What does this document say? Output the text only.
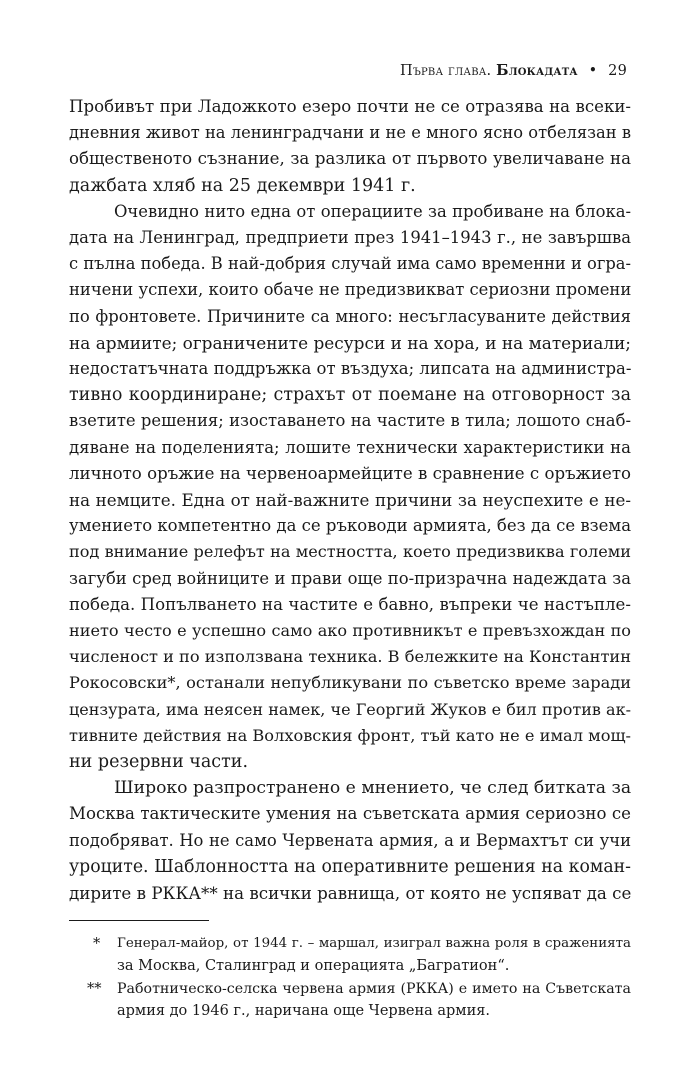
Първа глава. Блокадата • 29

Пробивът при Ладожкото езеро почти не се отразява на всеки-
дневния живот на ленинградчани и не е много ясно отбелязан в
общественото съзнание, за разлика от първото увеличаване на
дажбата хляб на 25 декември 1941 г.

Очевидно нито една от операциите за пробиване на блока-
дата на Ленинград, предприети през 1941–1943 г., не завършва
с пълна победа. В най-добрия случай има само временни и огра-
ничени успехи, които обаче не предизвикват сериозни промени
по фронтовете. Причините са много: несъгласуваните действия
на армиите; ограничените ресурси и на хора, и на материали;
недостатъчната поддръжка от въздуха; липсата на администра-
тивно координиране; страхът от поемане на отговорност за
взетите решения; изоставането на частите в тила; лошото снаб-
дяване на поделенията; лошите технически характеристики на
личното оръжие на червеноармейците в сравнение с оръжието
на немците. Една от най-важните причини за неуспехите е не-
умението компетентно да се ръководи армията, без да се взема
под внимание релефът на местността, което предизвиква големи
загуби сред войниците и прави още по-призрачна надеждата за
победа. Попълването на частите е бавно, въпреки че настъпле-
нието често е успешно само ако противникът е превъзхождан по
численост и по използвана техника. В бележките на Константин
Рокосовски*, останали непубликувани по съветско време заради
цензурата, има неясен намек, че Георгий Жуков е бил против ак-
тивните действия на Волховския фронт, тъй като не е имал мощ-
ни резервни части.

Широко разпространено е мнението, че след битката за
Москва тактическите умения на съветската армия сериозно се
подобряват. Но не само Червената армия, а и Вермахтът си учи
уроците. Шаблонността на оперативните решения на коман-
дирите в РККА** на всички равнища, от която не успяват да се

*	Генерал-майор, от 1944 г. – маршал, изиграл важна роля в сраженията
за Москва, Сталинград и операцията „Багратион“.
**	Работническо-селска червена армия (РККА) е името на Съветската
армия до 1946 г., наричана още Червена армия.
